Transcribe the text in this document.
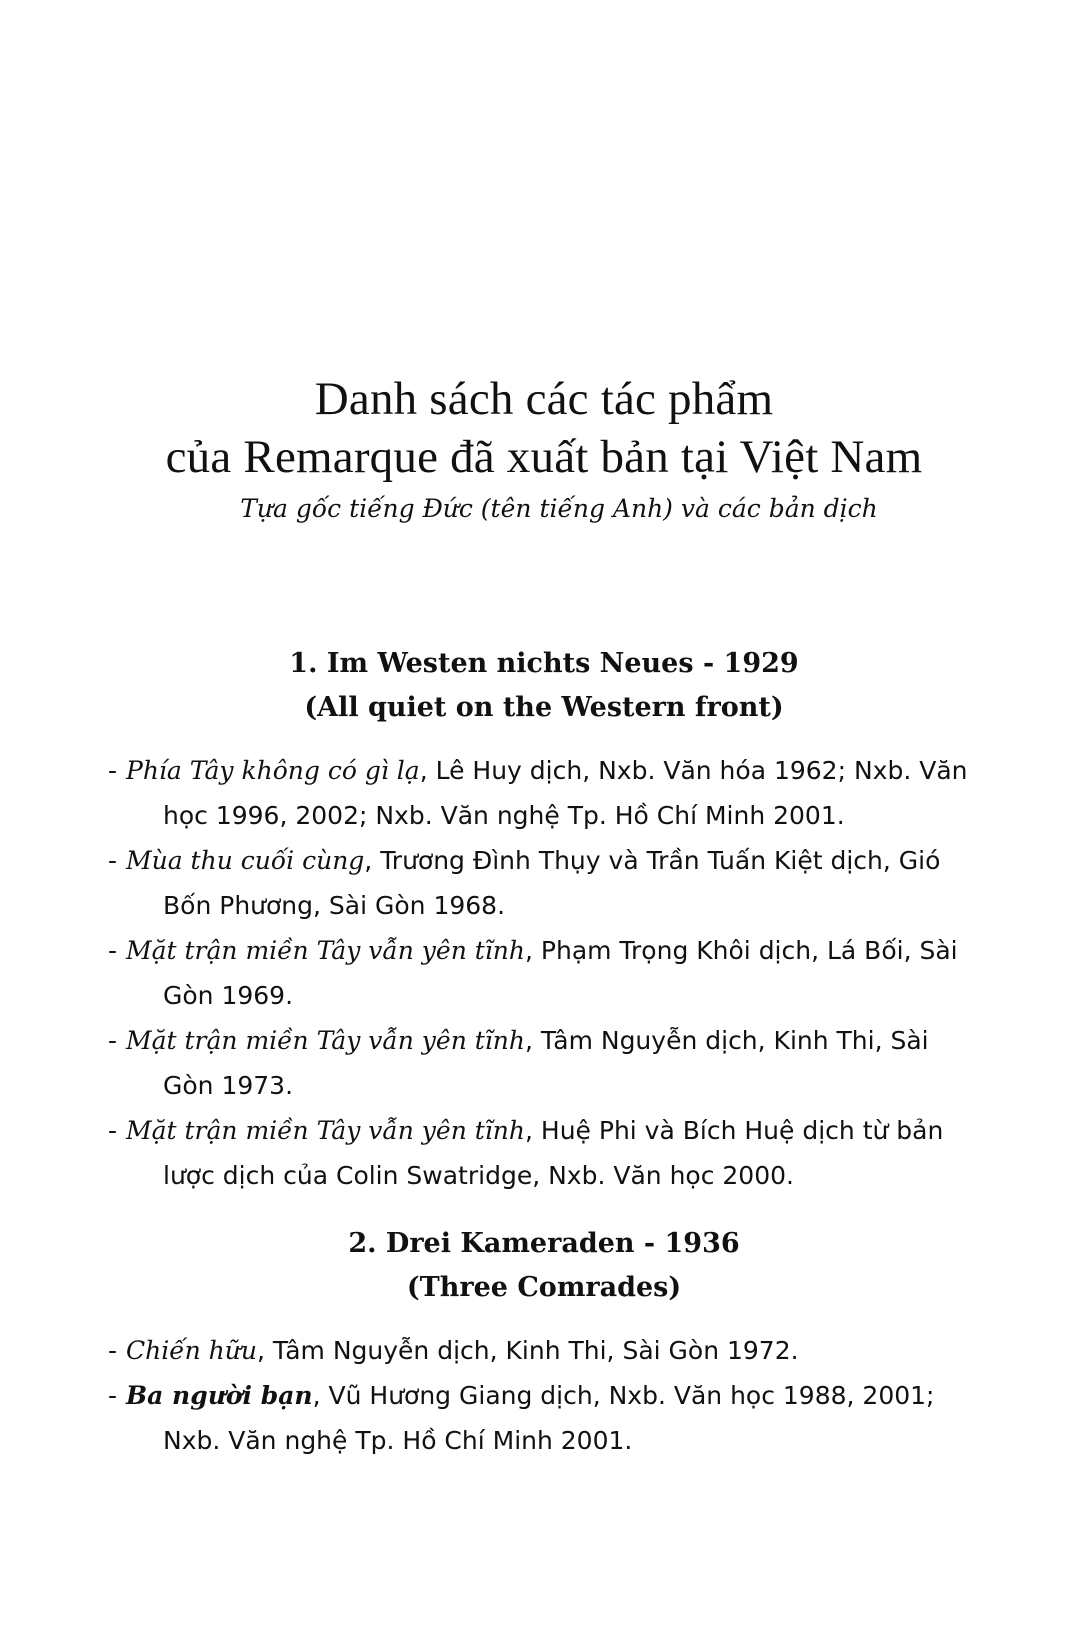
Danh sách các tác phẩm
của Remarque đã xuất bản tại Việt Nam
Tựa gốc tiếng Đức (tên tiếng Anh) và các bản dịch
1. Im Westen nichts Neues - 1929
(All quiet on the Western front)

- Phía Tây không có gì lạ, Lê Huy dịch, Nxb. Văn hóa 1962; Nxb. Văn học 1996, 2002; Nxb. Văn nghệ Tp. Hồ Chí Minh 2001.

- Mùa thu cuối cùng, Trương Đình Thụy và Trần Tuấn Kiệt dịch, Gió Bốn Phương, Sài Gòn 1968.

- Mặt trận miền Tây vẫn yên tĩnh, Phạm Trọng Khôi dịch, Lá Bối, Sài Gòn 1969.

- Mặt trận miền Tây vẫn yên tĩnh, Tâm Nguyễn dịch, Kinh Thi, Sài Gòn 1973.

- Mặt trận miền Tây vẫn yên tĩnh, Huệ Phi và Bích Huệ dịch từ bản lược dịch của Colin Swatridge, Nxb. Văn học 2000.

2. Drei Kameraden - 1936
(Three Comrades)

- Chiến hữu, Tâm Nguyễn dịch, Kinh Thi, Sài Gòn 1972.

- Ba người bạn, Vũ Hương Giang dịch, Nxb. Văn học 1988, 2001; Nxb. Văn nghệ Tp. Hồ Chí Minh 2001.
